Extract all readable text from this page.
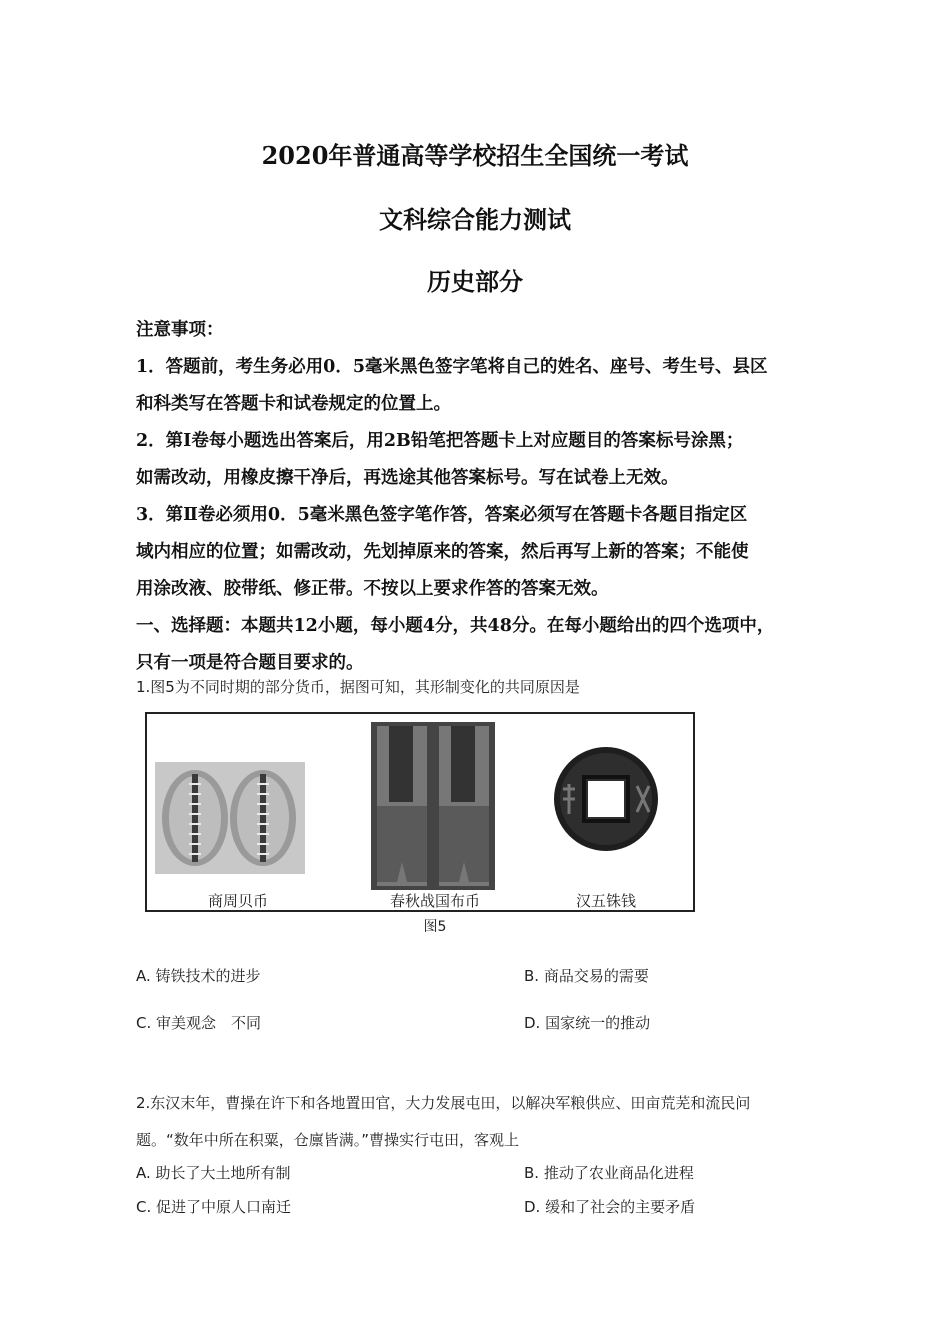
2020年普通高等学校招生全国统一考试
文科综合能力测试
历史部分
注意事项：
1．答题前，考生务必用0．5毫米黑色签字笔将自己的姓名、座号、考生号、县区
和科类写在答题卡和试卷规定的位置上。
2．第Ⅰ卷每小题选出答案后，用2B铅笔把答题卡上对应题目的答案标号涂黑；
如需改动，用橡皮擦干净后，再选途其他答案标号。写在试卷上无效。
3．第Ⅱ卷必须用0．5毫米黑色签字笔作答，答案必须写在答题卡各题目指定区
域内相应的位置；如需改动，先划掉原来的答案，然后再写上新的答案；不能使
用涂改液、胶带纸、修正带。不按以上要求作答的答案无效。
一、选择题：本题共12小题，每小题4分，共48分。在每小题给出的四个选项中，
只有一项是符合题目要求的。
1.图5为不同时期的部分货币，据图可知，其形制变化的共同原因是
商周贝币	春秋战国布币	汉五铢钱
图5
A. 铸铁技术的进步	B. 商品交易的需要
C. 审美观念　不同	D. 国家统一的推动
2.东汉末年，曹操在许下和各地置田官，大力发展屯田，以解决军粮供应、田亩荒芜和流民问
题。“数年中所在积粟，仓廪皆满。”曹操实行屯田，客观上
A. 助长了大土地所有制	B. 推动了农业商品化进程
C. 促进了中原人口南迁	D. 缓和了社会的主要矛盾
